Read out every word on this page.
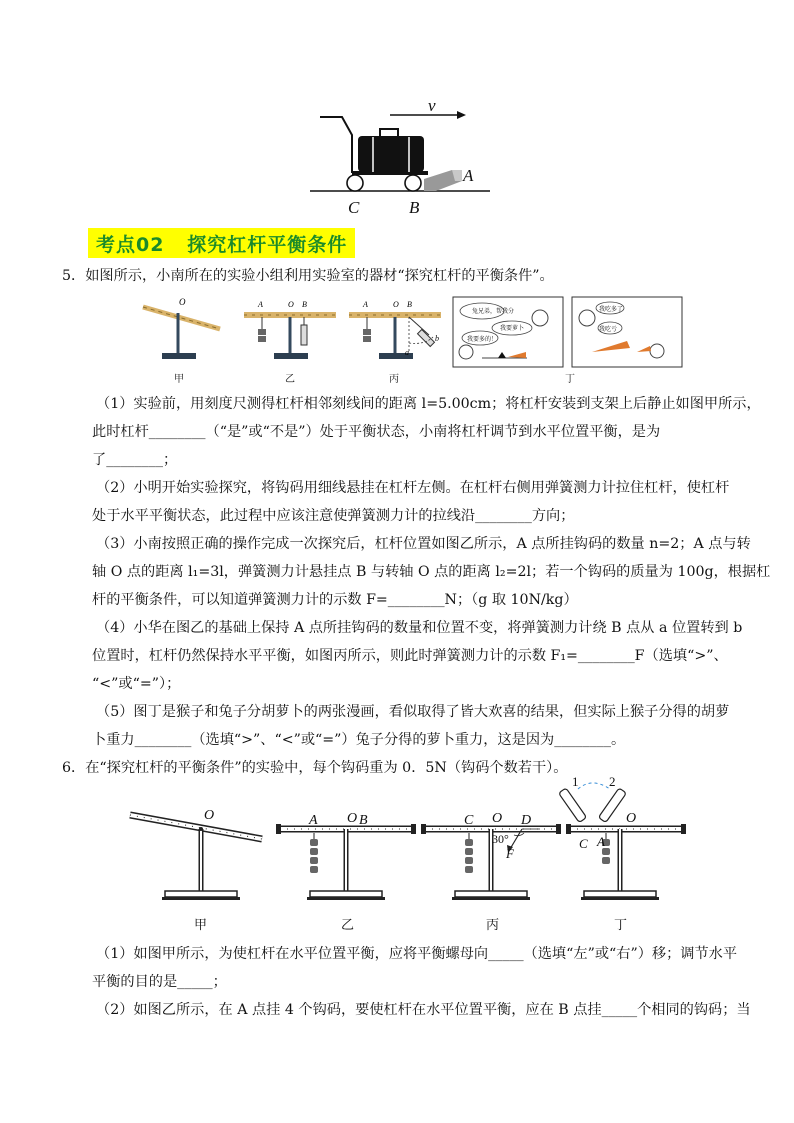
v
A
C	B
考点02   探究杠杆平衡条件
5．如图所示，小南所在的实验小组利用实验室的器材“探究杠杆的平衡条件”。
O	A	O B	A	O B
a
b
兔兄弟，帮我分
我要萝卜
我要多的！
我吃多了
我吃亏
甲	乙	丙	丁
（1）实验前，用刻度尺测得杠杆相邻刻线间的距离 l=5.00cm；将杠杆安装到支架上后静止如图甲所示，
此时杠杆________（“是”或“不是”）处于平衡状态，小南将杠杆调节到水平位置平衡，是为
了________；
（2）小明开始实验探究，将钩码用细线悬挂在杠杆左侧。在杠杆右侧用弹簧测力计拉住杠杆，使杠杆
处于水平平衡状态，此过程中应该注意使弹簧测力计的拉线沿________方向；
（3）小南按照正确的操作完成一次探究后，杠杆位置如图乙所示，A 点所挂钩码的数量 n=2；A 点与转
轴 O 点的距离 l₁=3l，弹簧测力计悬挂点 B 与转轴 O 点的距离 l₂=2l；若一个钩码的质量为 100g，根据杠
杆的平衡条件，可以知道弹簧测力计的示数 F=________N；（g 取 10N/kg）
（4）小华在图乙的基础上保持 A 点所挂钩码的数量和位置不变，将弹簧测力计绕 B 点从 a 位置转到 b
位置时，杠杆仍然保持水平平衡，如图丙所示，则此时弹簧测力计的示数 F₁=________F（选填“>”、
“<”或“=”）；
（5）图丁是猴子和兔子分胡萝卜的两张漫画，看似取得了皆大欢喜的结果，但实际上猴子分得的胡萝
卜重力________（选填“>”、“<”或“=”）兔子分得的萝卜重力，这是因为________。
6．在“探究杠杆的平衡条件”的实验中，每个钩码重为 0．5N（钩码个数若干）。
O	A O B	C O D
30°
F
1 2
O
C A
甲	乙	丙	丁
（1）如图甲所示，为使杠杆在水平位置平衡，应将平衡螺母向_____（选填“左”或“右”）移；调节水平
平衡的目的是_____；
（2）如图乙所示，在 A 点挂 4 个钩码，要使杠杆在水平位置平衡，应在 B 点挂_____个相同的钩码；当
